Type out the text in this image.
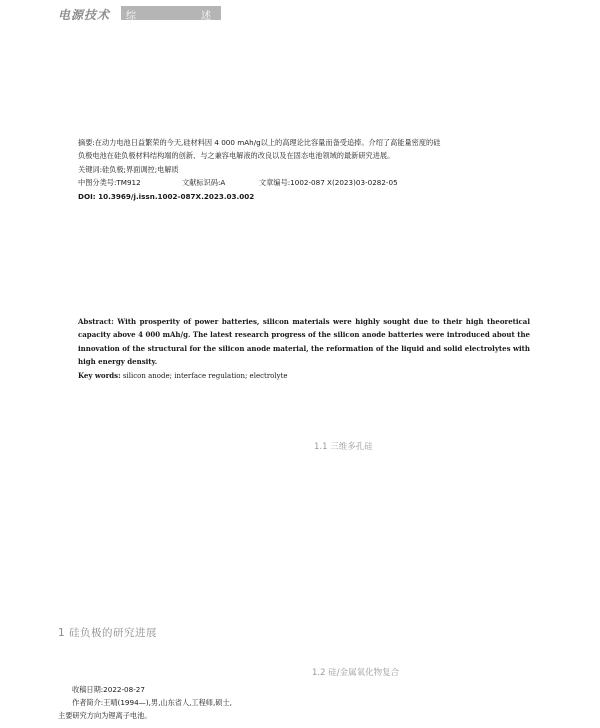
电源技术 综	述

摘要:在动力电池日益繁荣的今天,硅材料因 4 000 mAh/g以上的高理论比容量而备受追捧。介绍了高能量密度的硅

负极电池在硅负极材料结构端的创新、与之兼容电解液的改良以及在固态电池领域的最新研究进展。

关键词:硅负极;界面调控;电解质

中图分类号:TM912	文献标识码:A	文章编号:1002-087 X(2023)03-0282-05

DOI: 10.3969/j.issn.1002-087X.2023.03.002

Abstract: With prosperity of power batteries, silicon materials were highly sought due to their high theoretical capacity above 4 000 mAh/g. The latest research progress of the silicon anode batteries were introduced about the innovation of the structural for the silicon anode material, the reformation of the liquid and solid electrolytes with high energy density.

Key words: silicon anode; interface regulation; electrolyte

1.1 三维多孔硅
1 硅负极的研究进展
1.2 硅/金属氧化物复合

收稿日期:2022-08-27

作者简介:王晴(1994—),男,山东省人,工程师,硕士,

主要研究方向为锂离子电池。
